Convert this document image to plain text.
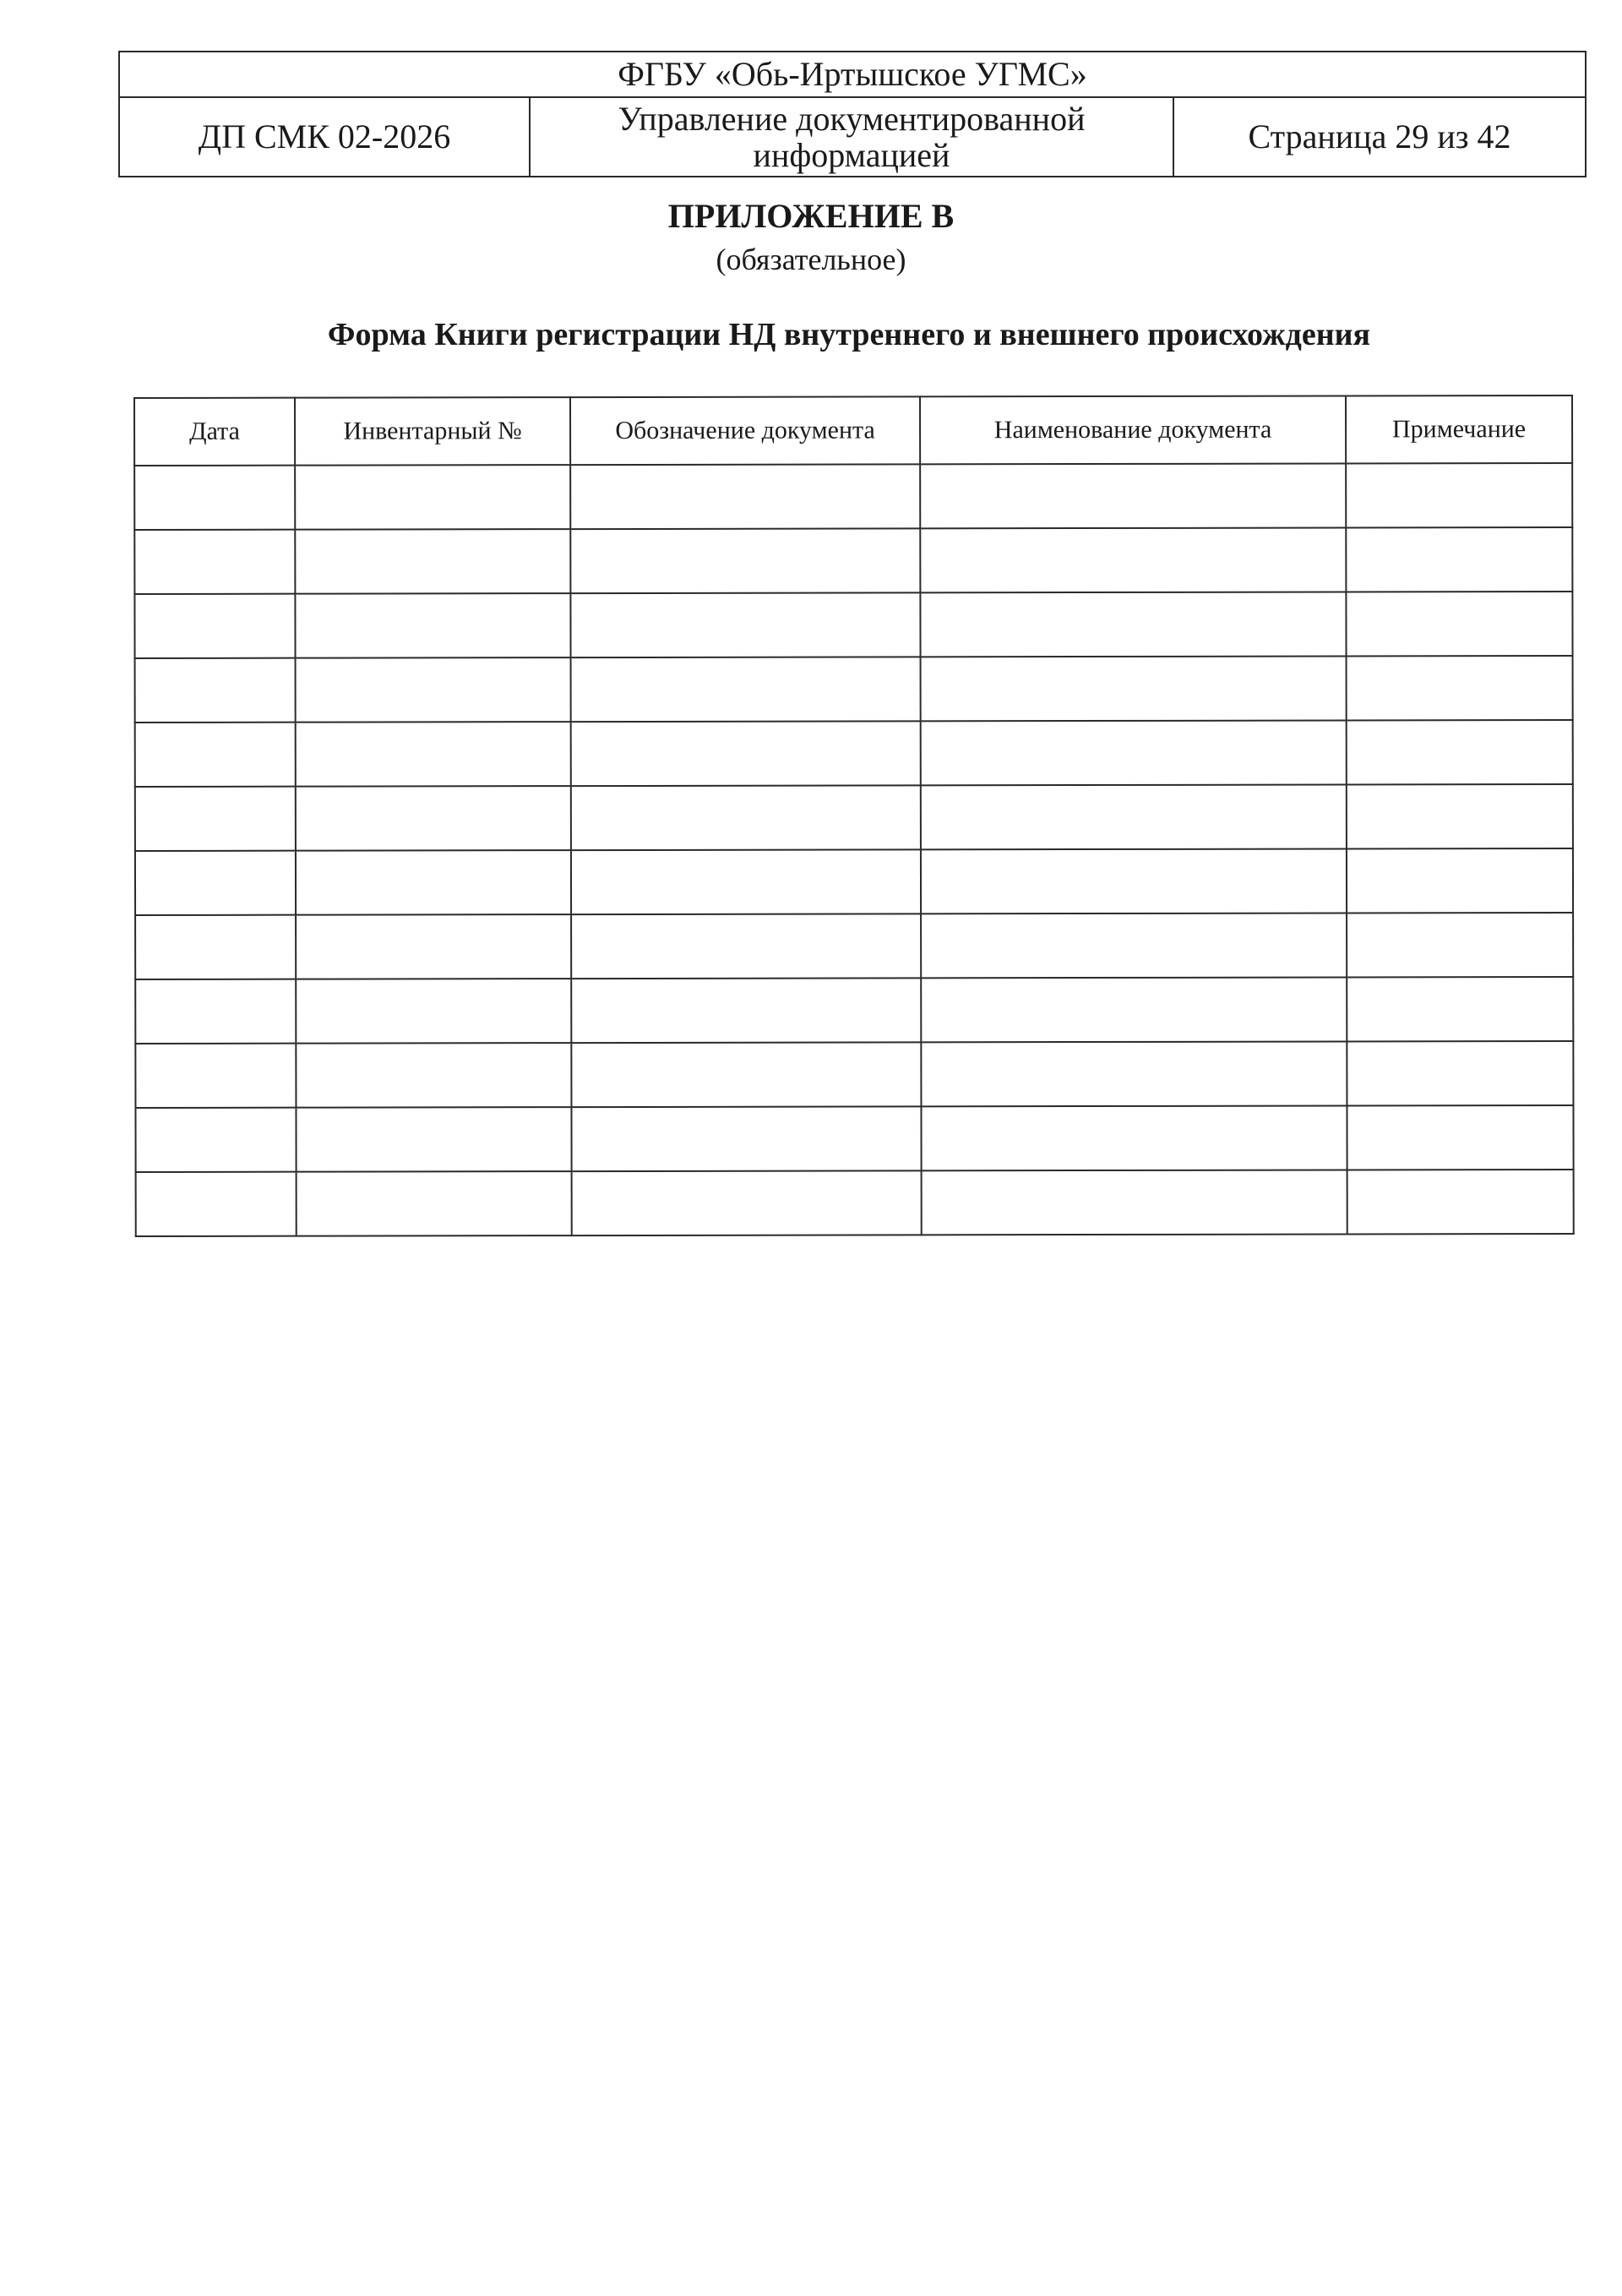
ФГБУ «Обь-Иртышское УГМС»
ДП СМК 02-2026	Управление документированной информацией	Страница 29 из 42
ПРИЛОЖЕНИЕ В
(обязательное)
Форма Книги регистрации НД внутреннего и внешнего происхождения
Дата	Инвентарный №	Обозначение документа	Наименование документа	Примечание
